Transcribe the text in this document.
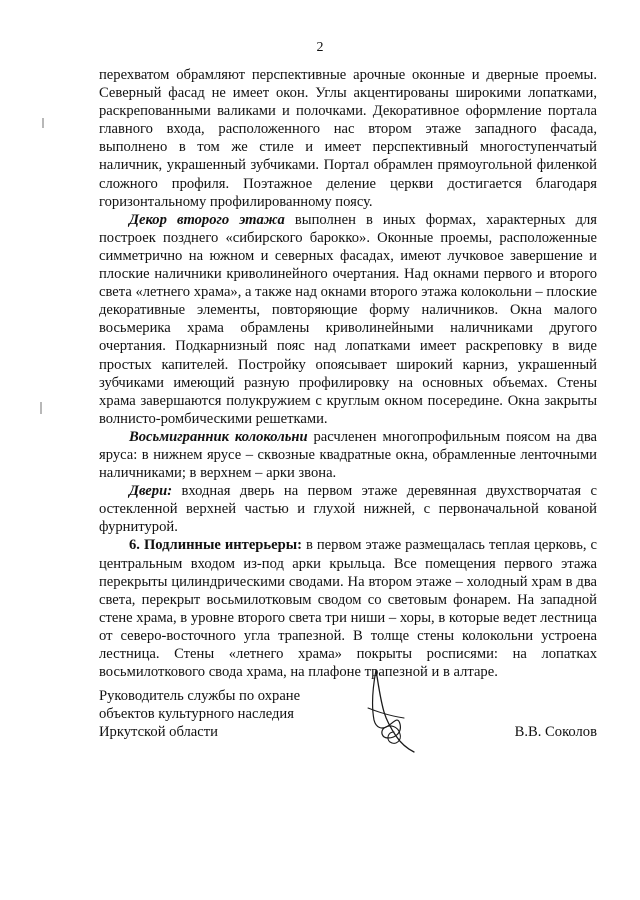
2

перехватом обрамляют перспективные арочные оконные и дверные проемы. Северный фасад не имеет окон. Углы акцентированы широкими лопатками, раскрепованными валиками и полочками. Декоративное оформление портала главного входа, расположенного нас втором этаже западного фасада, выполнено в том же стиле и имеет перспективный многоступенчатый наличник, украшенный зубчиками. Портал обрамлен прямоугольной филенкой сложного профиля. Поэтажное деление церкви достигается благодаря горизонтальному профилированному поясу.

Декор второго этажа выполнен в иных формах, характерных для построек позднего «сибирского барокко». Оконные проемы, расположенные симметрично на южном и северных фасадах, имеют лучковое завершение и плоские наличники криволинейного очертания. Над окнами первого и второго света «летнего храма», а также над окнами второго этажа колокольни – плоские декоративные элементы, повторяющие форму наличников. Окна малого восьмерика храма обрамлены криволинейными наличниками другого очертания. Подкарнизный пояс над лопатками имеет раскреповку в виде простых капителей. Постройку опоясывает широкий карниз, украшенный зубчиками имеющий разную профилировку на основных объемах. Стены храма завершаются полукружием с круглым окном посередине. Окна закрыты волнисто-ромбическими решетками.

Восьмигранник колокольни расчленен многопрофильным поясом на два яруса: в нижнем ярусе – сквозные квадратные окна, обрамленные ленточными наличниками; в верхнем – арки звона.

Двери: входная дверь на первом этаже деревянная двухстворчатая с остекленной верхней частью и глухой нижней, с первоначальной кованой фурнитурой.

6. Подлинные интерьеры: в первом этаже размещалась теплая церковь, с центральным входом из-под арки крыльца. Все помещения первого этажа перекрыты цилиндрическими сводами. На втором этаже – холодный храм в два света, перекрыт восьмилотковым сводом со световым фонарем. На западной стене храма, в уровне второго света три ниши – хоры, в которые ведет лестница от северо-восточного угла трапезной. В толще стены колокольни устроена лестница. Стены «летнего храма» покрыты росписями: на лопатках восьмилоткового свода храма, на плафоне трапезной и в алтаре.

Руководитель службы по охране
объектов культурного наследия
Иркутской области	В.В. Соколов
